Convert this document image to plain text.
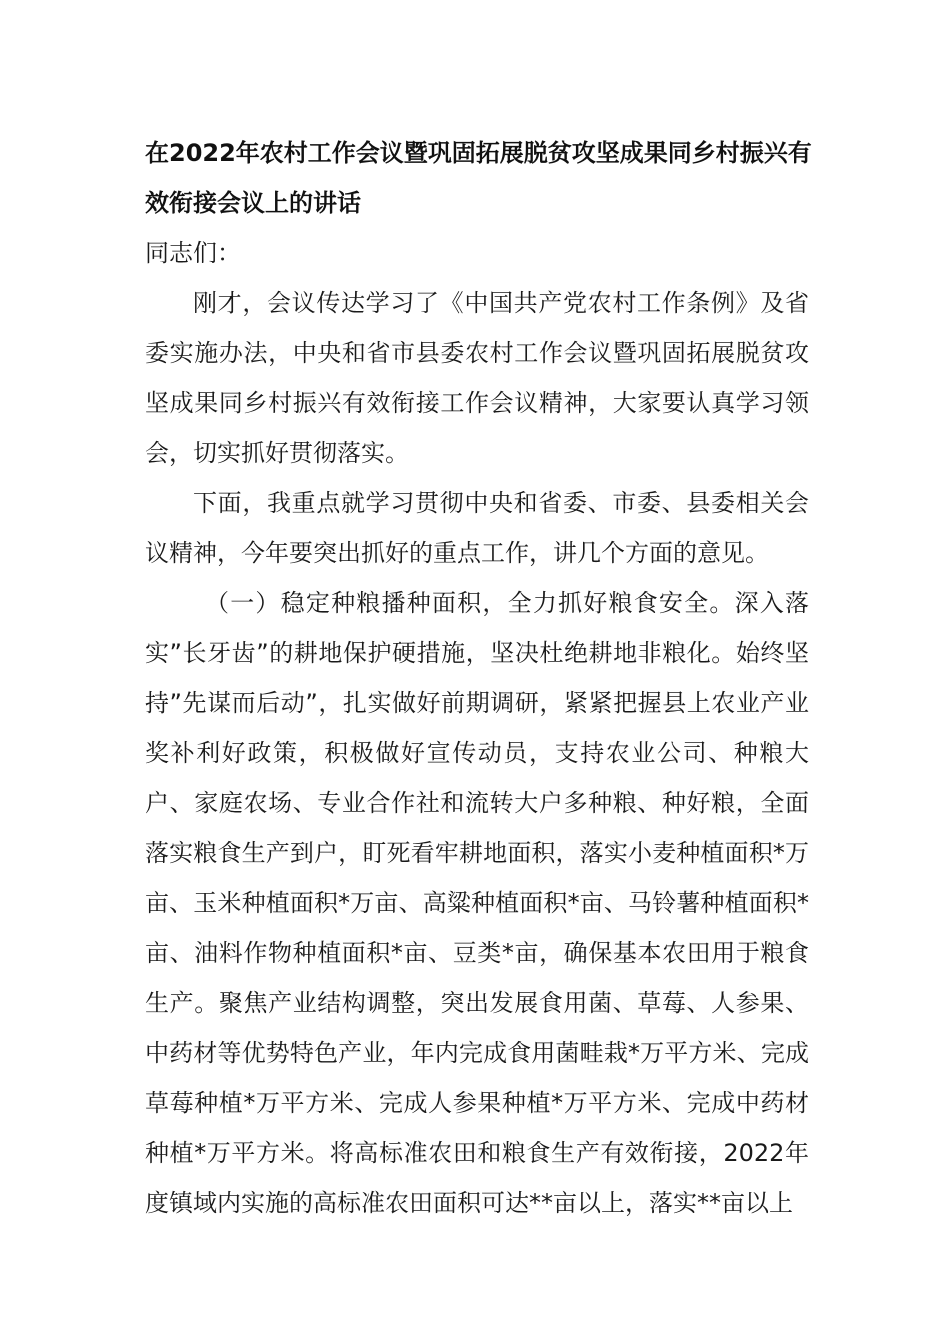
在2022年农村工作会议暨巩固拓展脱贫攻坚成果同乡村振兴有效衔接会议上的讲话

同志们：

刚才，会议传达学习了《中国共产党农村工作条例》及省委实施办法，中央和省市县委农村工作会议暨巩固拓展脱贫攻坚成果同乡村振兴有效衔接工作会议精神，大家要认真学习领会，切实抓好贯彻落实。

下面，我重点就学习贯彻中央和省委、市委、县委相关会议精神，今年要突出抓好的重点工作，讲几个方面的意见。

（一）稳定种粮播种面积，全力抓好粮食安全。深入落实”长牙齿”的耕地保护硬措施，坚决杜绝耕地非粮化。始终坚持”先谋而后动”，扎实做好前期调研，紧紧把握县上农业产业奖补利好政策，积极做好宣传动员，支持农业公司、种粮大户、家庭农场、专业合作社和流转大户多种粮、种好粮，全面落实粮食生产到户，盯死看牢耕地面积，落实小麦种植面积*万亩、玉米种植面积*万亩、高粱种植面积*亩、马铃薯种植面积*亩、油料作物种植面积*亩、豆类*亩，确保基本农田用于粮食生产。聚焦产业结构调整，突出发展食用菌、草莓、人参果、中药材等优势特色产业，年内完成食用菌畦栽*万平方米、完成草莓种植*万平方米、完成人参果种植*万平方米、完成中药材种植*万平方米。将高标准农田和粮食生产有效衔接，2022年度镇域内实施的高标准农田面积可达**亩以上，落实**亩以上
